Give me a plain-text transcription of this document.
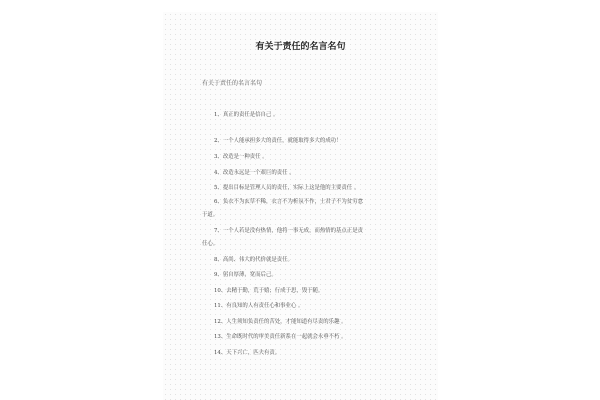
有关于责任的名言名句
有关于责任的名言名句
1、真正的责任是信自己 。
2、一个人能承担多大的责任，就能取得多大的成功！
3、改造是一种责任 。
4、改造永远是一个艰巨的责任 。
5、提出目标是管理人员的责任，实际上这是他的主要责任 。
6、负衣不为玄草不稀，衣言不为析氛不作，士君子不为贫穷怠
于道。
7、一个人若是没有热情，他将一事无成，而热情的基点正是责
任心。
8、高尚、伟大的代价就是责任。
9、躬自厚薄，宽而后己。
10、去精于勤，荒于嬉；行成于思，毁于随。
11、有良知的人有责任心和事业心 。
12、人生须知负责任的苦处，才能知道有尽责的乐趣 。
13、生命既时代的审美责任新系在一起就会永垂不朽 。
14、天下兴亡，匹夫有责。
